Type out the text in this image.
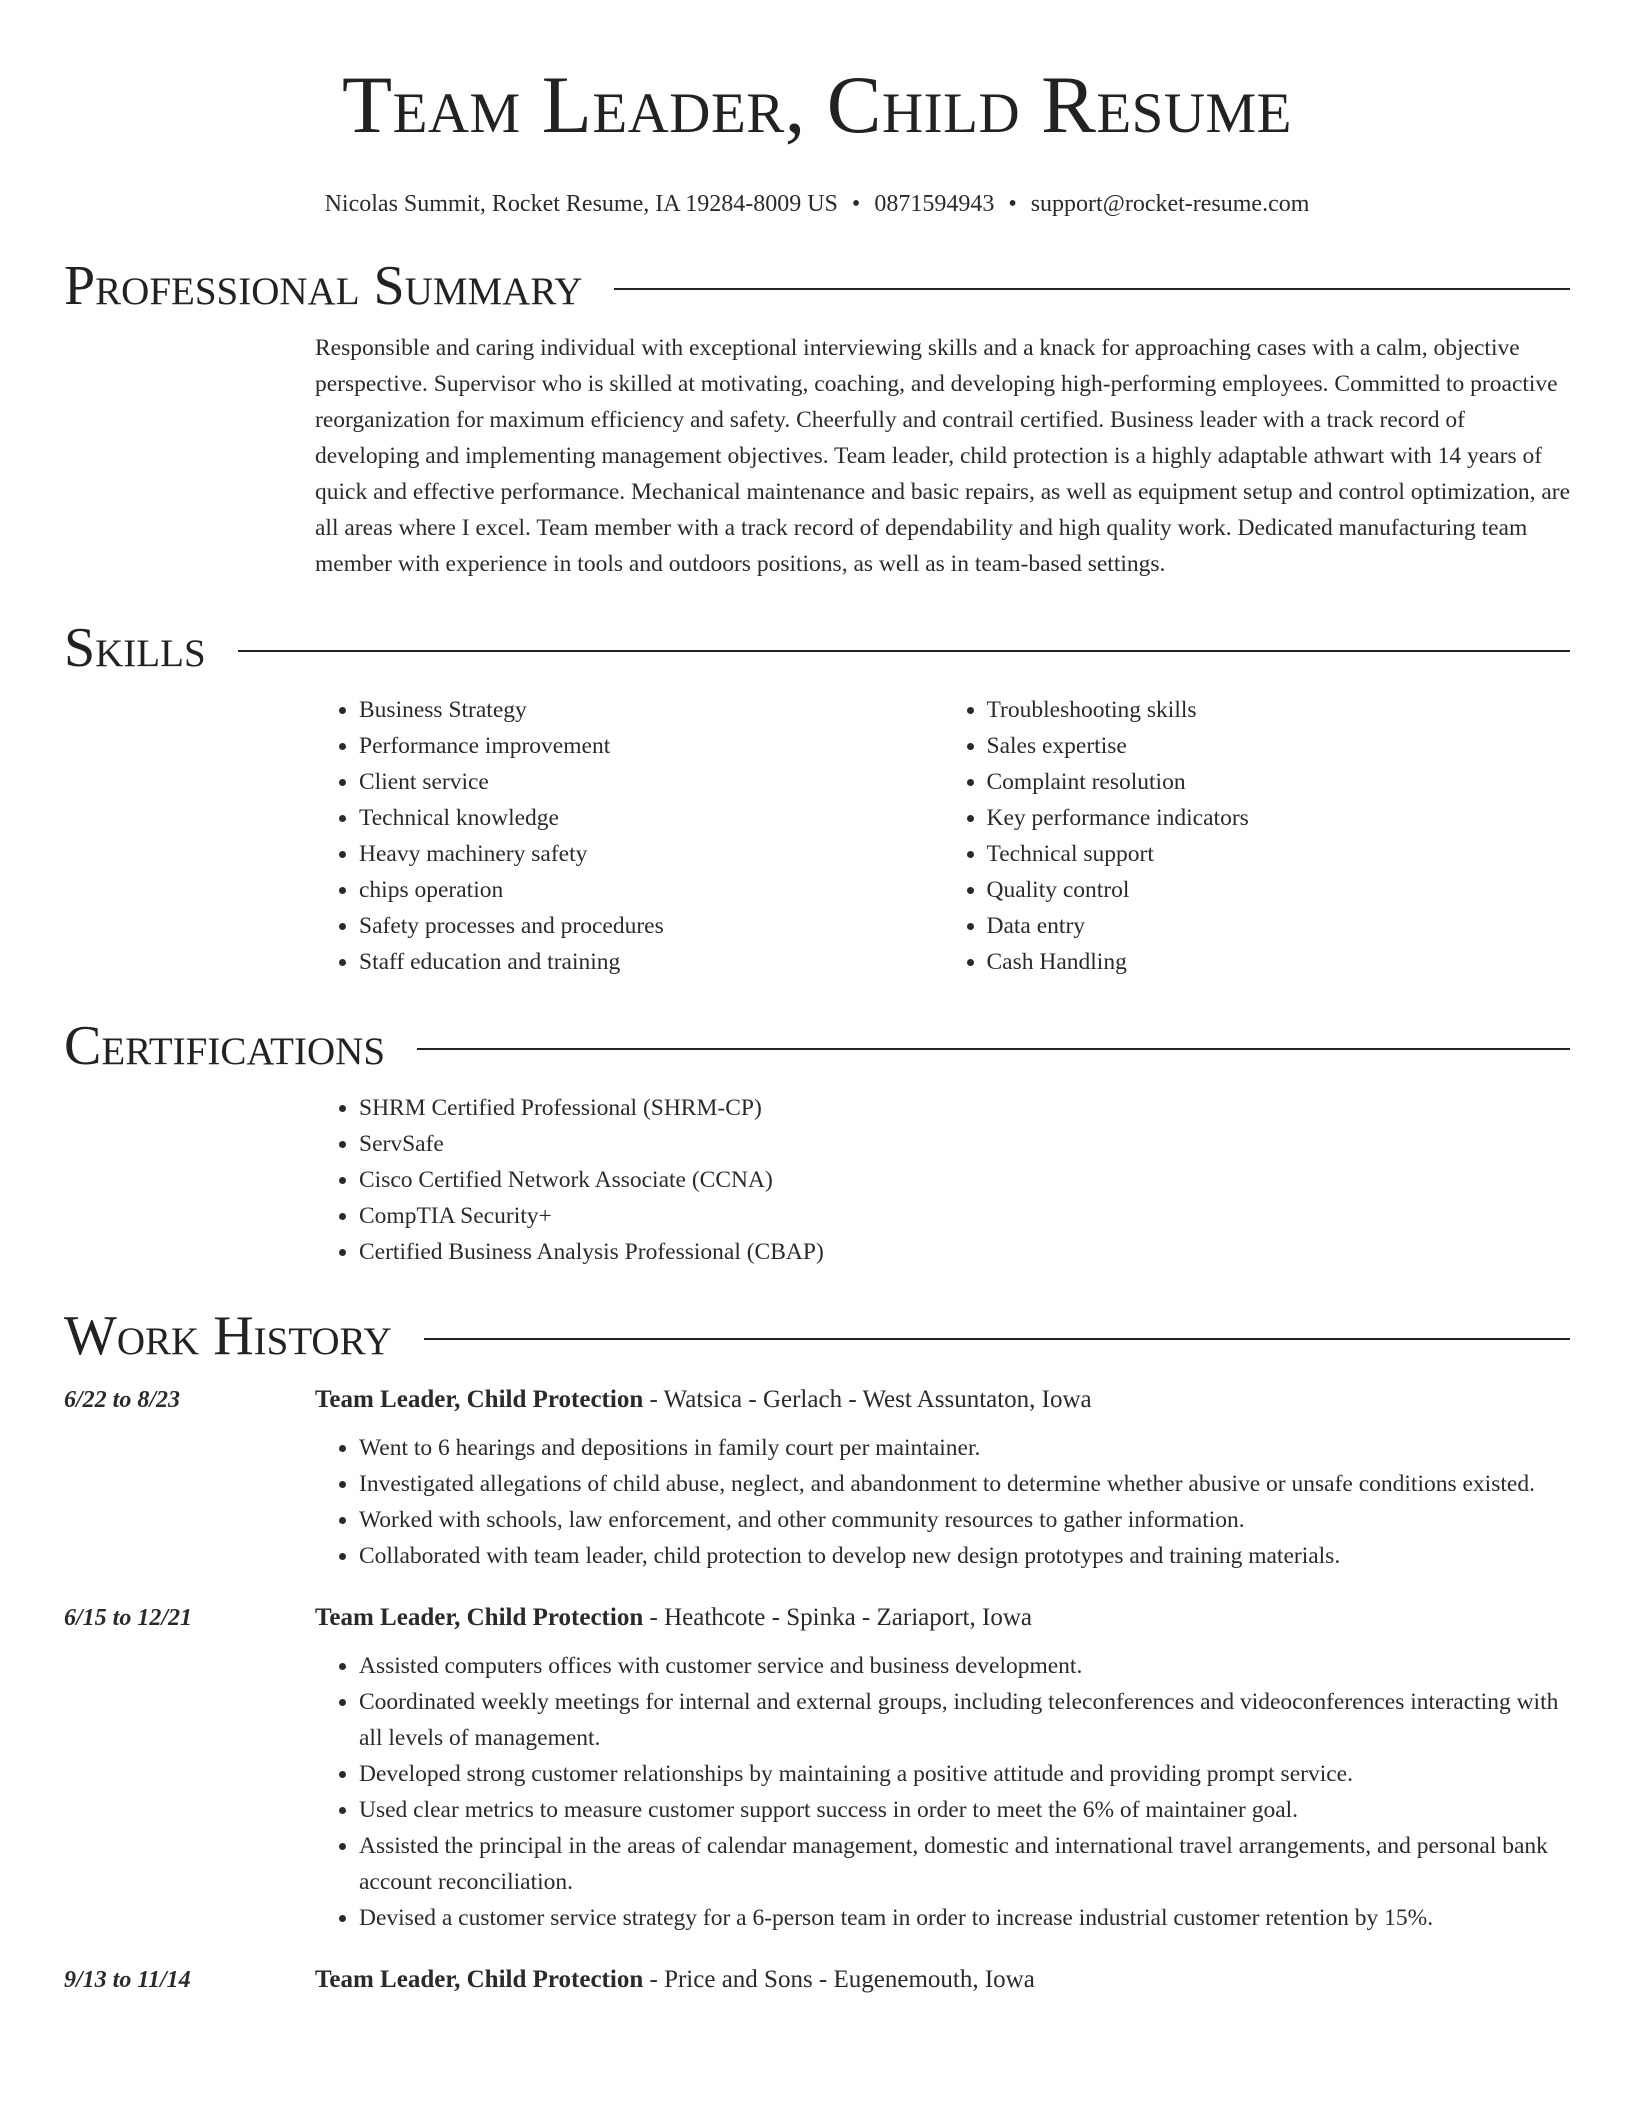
Team Leader, Child Resume
Nicolas Summit, Rocket Resume, IA 19284-8009 US • 0871594943 • support@rocket-resume.com
Professional Summary
Responsible and caring individual with exceptional interviewing skills and a knack for approaching cases with a calm, objective perspective. Supervisor who is skilled at motivating, coaching, and developing high-performing employees. Committed to proactive reorganization for maximum efficiency and safety. Cheerfully and contrail certified. Business leader with a track record of developing and implementing management objectives. Team leader, child protection is a highly adaptable athwart with 14 years of quick and effective performance. Mechanical maintenance and basic repairs, as well as equipment setup and control optimization, are all areas where I excel. Team member with a track record of dependability and high quality work. Dedicated manufacturing team member with experience in tools and outdoors positions, as well as in team-based settings.
Skills
• Business Strategy
• Performance improvement
• Client service
• Technical knowledge
• Heavy machinery safety
• chips operation
• Safety processes and procedures
• Staff education and training
• Troubleshooting skills
• Sales expertise
• Complaint resolution
• Key performance indicators
• Technical support
• Quality control
• Data entry
• Cash Handling
Certifications
• SHRM Certified Professional (SHRM-CP)
• ServSafe
• Cisco Certified Network Associate (CCNA)
• CompTIA Security+
• Certified Business Analysis Professional (CBAP)
Work History
6/22 to 8/23	Team Leader, Child Protection - Watsica - Gerlach - West Assuntaton, Iowa
• Went to 6 hearings and depositions in family court per maintainer.
• Investigated allegations of child abuse, neglect, and abandonment to determine whether abusive or unsafe conditions existed.
• Worked with schools, law enforcement, and other community resources to gather information.
• Collaborated with team leader, child protection to develop new design prototypes and training materials.
6/15 to 12/21	Team Leader, Child Protection - Heathcote - Spinka - Zariaport, Iowa
• Assisted computers offices with customer service and business development.
• Coordinated weekly meetings for internal and external groups, including teleconferences and videoconferences interacting with all levels of management.
• Developed strong customer relationships by maintaining a positive attitude and providing prompt service.
• Used clear metrics to measure customer support success in order to meet the 6% of maintainer goal.
• Assisted the principal in the areas of calendar management, domestic and international travel arrangements, and personal bank account reconciliation.
• Devised a customer service strategy for a 6-person team in order to increase industrial customer retention by 15%.
9/13 to 11/14	Team Leader, Child Protection - Price and Sons - Eugenemouth, Iowa
